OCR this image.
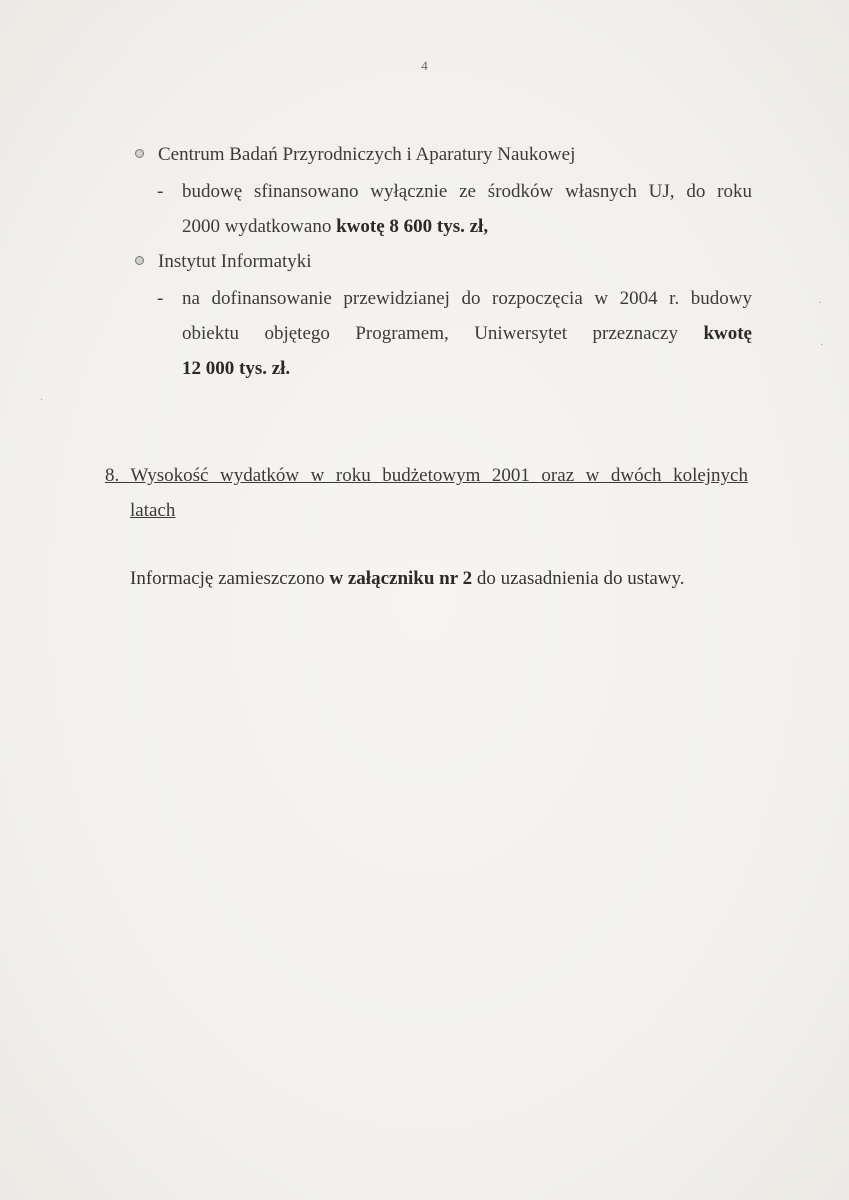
4
Centrum Badań Przyrodniczych i Aparatury Naukowej
- budowę sfinansowano wyłącznie ze środków własnych UJ, do roku
2000 wydatkowano kwotę 8 600 tys. zł,
Instytut Informatyki
- na dofinansowanie przewidzianej do rozpoczęcia w 2004 r. budowy
obiektu objętego Programem, Uniwersytet przeznaczy kwotę
12 000 tys. zł.
8. Wysokość wydatków w roku budżetowym 2001 oraz w dwóch kolejnych
latach
Informację zamieszczono w załączniku nr 2 do uzasadnienia do ustawy.
·
·
·
